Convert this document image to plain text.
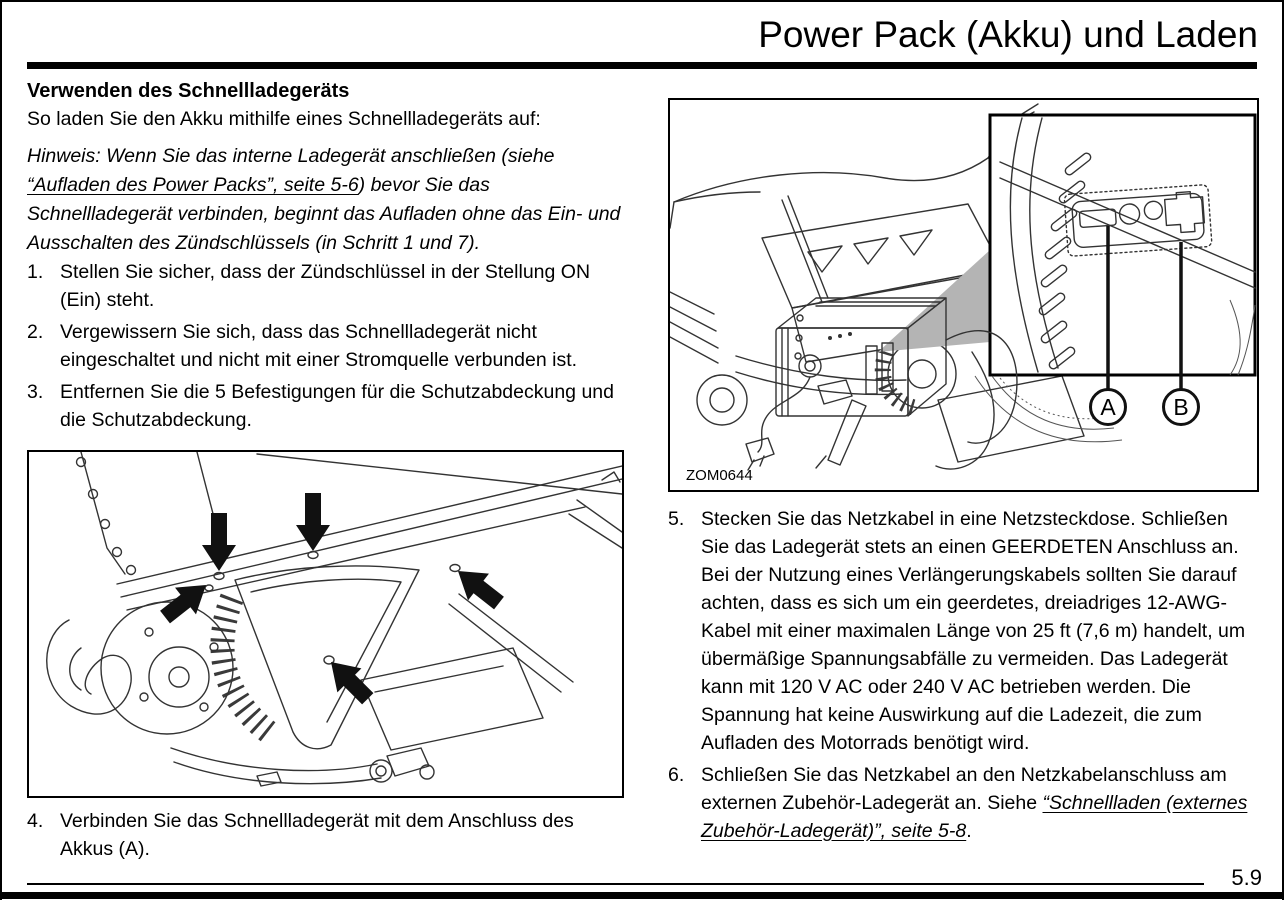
Power Pack (Akku) und Laden
Verwenden des Schnellladegeräts

So laden Sie den Akku mithilfe eines Schnellladegeräts auf:

Hinweis: Wenn Sie das interne Ladegerät anschließen (siehe “Aufladen des Power Packs”, seite 5-6) bevor Sie das Schnellladegerät verbinden, beginnt das Aufladen ohne das Ein- und Ausschalten des Zündschlüssels (in Schritt 1 und 7).

1. Stellen Sie sicher, dass der Zündschlüssel in der Stellung ON (Ein) steht.
2. Vergewissern Sie sich, dass das Schnellladegerät nicht eingeschaltet und nicht mit einer Stromquelle verbunden ist.
3. Entfernen Sie die 5 Befestigungen für die Schutzabdeckung und die Schutzabdeckung.
4. Verbinden Sie das Schnellladegerät mit dem Anschluss des Akkus (A).
A	B
ZOM0644
5. Stecken Sie das Netzkabel in eine Netzsteckdose. Schließen Sie das Ladegerät stets an einen GEERDETEN Anschluss an. Bei der Nutzung eines Verlängerungskabels sollten Sie darauf achten, dass es sich um ein geerdetes, dreiadriges 12-AWG-Kabel mit einer maximalen Länge von 25 ft (7,6 m) handelt, um übermäßige Spannungsabfälle zu vermeiden. Das Ladegerät kann mit 120 V AC oder 240 V AC betrieben werden. Die Spannung hat keine Auswirkung auf die Ladezeit, die zum Aufladen des Motorrads benötigt wird.
6. Schließen Sie das Netzkabel an den Netzkabelanschluss am externen Zubehör-Ladegerät an. Siehe “Schnellladen (externes Zubehör-Ladegerät)”, seite 5-8.
5.9
